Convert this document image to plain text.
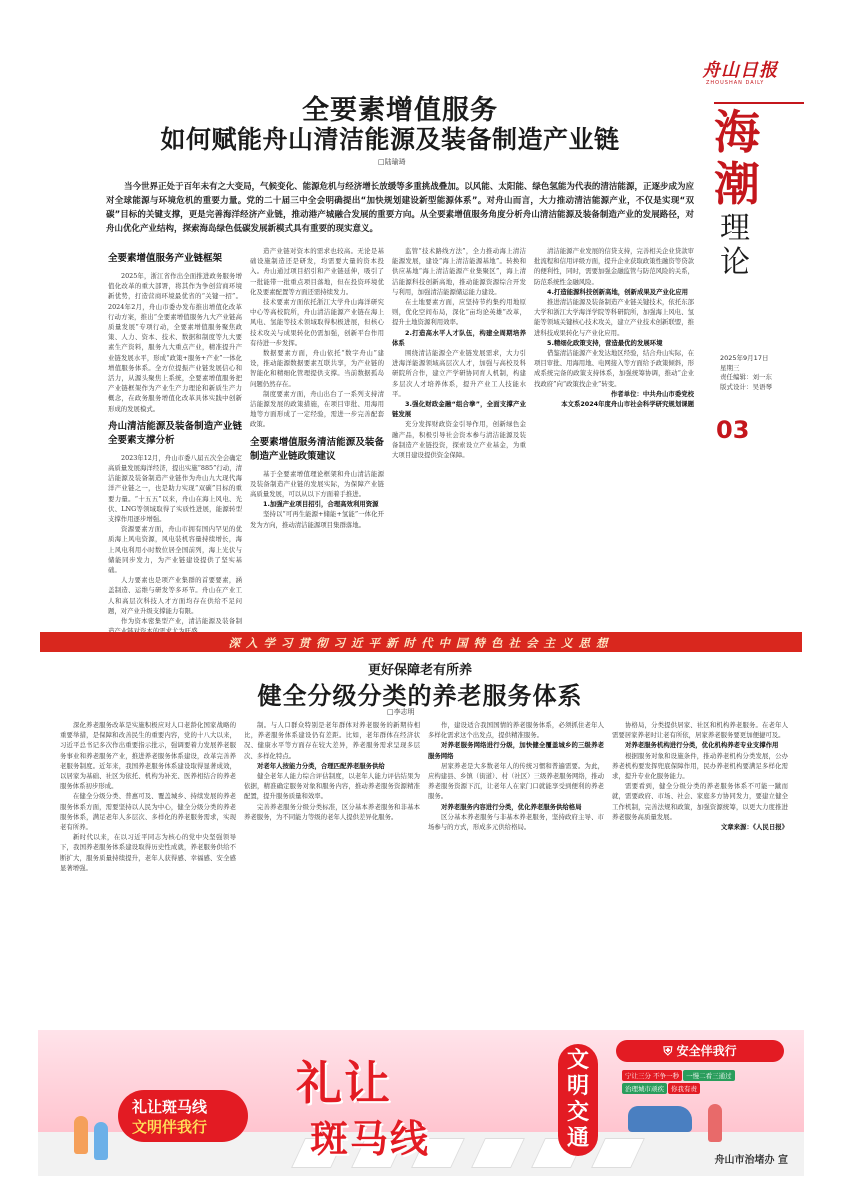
舟山日报
ZHOUSHAN DAILY
海潮
理论
2025年9月17日
星期三
责任编辑：刘一东
版式设计：吴语琴
03
全要素增值服务
如何赋能舟山清洁能源及装备制造产业链
□陆瑜琦
当今世界正处于百年未有之大变局，气候变化、能源危机与经济增长放缓等多重挑战叠加。以风能、太阳能、绿色氢能为代表的清洁能源，正逐步成为应对全球能源与环境危机的重要力量。党的二十届三中全会明确提出“加快规划建设新型能源体系”。对舟山而言，大力推动清洁能源产业，不仅是实现“双碳”目标的关键支撑，更是完善海洋经济产业链，推动港产城融合发展的重要方向。从全要素增值服务角度分析舟山清洁能源及装备制造产业的发展路径，对舟山优化产业结构，探索海岛绿色低碳发展新模式具有重要的现实意义。
全要素增值服务产业链框架

2025年，浙江省作出全面推进政务服务增值化改革的重大部署，将其作为争创营商环境新优势，打造营商环境最优省的“关键一招”。2024年2月，舟山市委办发布推出增值化改革行动方案，推出“全要素增值服务九大产业链高质量发展”专项行动，全要素增值服务聚焦政策、人力、资本、技术、数据和制度等九大要素生产资料，服务九大重点产业，精准提升产业链发展水平，形成“政策+服务+产业”一体化增值服务体系。全方位提振产业链发展信心和活力，从源头聚焦上系统，全要素增值服务把产业链框架作为产业生产力理论和新质生产力概念，在政务服务增值化改革具体实践中创新形成的发展模式。

舟山清洁能源及装备制造产业链全要素支撑分析

2023年12月，舟山市委八届五次全会确定高质量发展海洋经济，提出实施“885”行动，清洁能源及装备制造产业链作为舟山九大现代海洋产业链之一，也是助力实现“双碳”目标的重要力量。“十五五”以来，舟山在海上风电、光伏、LNG等领域取得了实质性进展，能源转型支撑作用逐步增强。

资源要素方面，舟山市拥有国内罕见的优质海上风电资源，风电装机容量持续增长，海上风电利用小时数位居全国前列，海上光伏与储能同步发力，为产业链建设提供了坚实基础。

人力要素也是项产业集群的首要要素，涵盖制造、运维与研发等多环节。舟山在产业工人和高层次科技人才方面均存在供给不足问题，对产业升级支撑能力有限。

作为资本密集型产业，清洁能源及装备制

造产业链对资本的需求也较高。无论是基础设施制造还是研发，均需要大量的资本投入。舟山通过项目招引和产业链延伸，吸引了一批能带一批重点项目落地，但在投资环境优化及要素配置等方面还需持续发力。

技术要素方面依托浙江大学舟山海洋研究中心等高校院所，舟山清洁能源产业链在海上风电、氢能等技术领域取得积极进展，但核心技术攻关与成果转化仍需加强，创新平台作用有待进一步发挥。

数据要素方面，舟山依托“数字舟山”建设，推动能源数据要素互联共享，为产业链的智能化和精细化管理提供支撑。当前数据孤岛问题仍然存在。

制度要素方面，舟山出台了一系列支持清洁能源发展的政策措施，在项目审批、用海用地等方面形成了一定经验，需进一步完善配套政策。

全要素增值服务清洁能源及装备制造产业链政策建议

基于全要素增值理论框架和舟山清洁能源及装备制造产业链的发展实际，为保障产业链高质量发展，可以从以下方面着手推进。

1.加强产业项目招引，合理高效利用资源

坚持以“可再生能源+储能+氢能”一体化开发为方向，推动清洁能源项目集群落地。

监管“技术路线方法”，全力推动海上清洁能源发展，建设“海上清洁能源基地”。转换和供应基地“海上清洁能源产业集聚区”，海上清洁能源科技创新高地，推动能源资源综合开发与利用，加强清洁能源储运能力建设。

在土地要素方面，应坚持节约集约用地原则，优化空间布局，深化“亩均论英雄”改革，提升土地资源利用效率。

2.打造高水平人才队伍，构建全周期培养体系

围绕清洁能源全产业链发展需求，大力引进海洋能源领域高层次人才，加强与高校及科研院所合作，建立产学研协同育人机制，构建多层次人才培养体系，提升产业工人技能水平。

3.强化财政金融“组合拳”，全面支撑产业链发展

充分发挥财政资金引导作用，创新绿色金融产品，积极引导社会资本参与清洁能源及装备制造产业链投资，探索设立产业基金，为重大项目建设提供资金保障。

清洁能源产业发展的信贷支持，完善相关企业贷款审批流程和信用评级方面，提升企业获取政策性融资等贷款的便利性，同时，需要加强金融监管与防范风险的关系，防范系统性金融风险。

4.打造能源科技创新高地，创新成果及产业化应用

推进清洁能源及装备制造产业链关键技术，依托东部大学和浙江大学海洋学院等科研院所，加强海上风电、氢能等领域关键核心技术攻关，建立产业技术创新联盟，推进科技成果转化与产业化应用。

5.精细化政策支持，营造最优的发展环境

借鉴清洁能源产业发达地区经验，结合舟山实际，在项目审批、用海用地、电网接入等方面给予政策倾斜，形成系统完备的政策支持体系，加强统筹协调，推动“企业找政府”向“政策找企业”转变。

作者单位：中共舟山市委党校

本文系2024年度舟山市社会科学研究规划课题

深入学习贯彻习近平新时代中国特色社会主义思想
更好保障老有所养
健全分级分类的养老服务体系
□李志明

深化养老服务改革是实施积极应对人口老龄化国家战略的重要举措，是保障和改善民生的重要内容，党的十八大以来，习近平总书记多次作出重要指示批示，强调要着力发展养老服务事业和养老服务产业，推进养老服务体系建设，改革完善养老服务制度。近年来，我国养老服务体系建设取得显著成效，以居家为基础、社区为依托、机构为补充、医养相结合的养老服务体系初步形成。

在健全分级分类、普惠可及、覆盖城乡、持续发展的养老服务体系方面，需要坚持以人民为中心，健全分级分类的养老服务体系，满足老年人多层次、多样化的养老服务需求，实现老有所养。

新时代以来，在以习近平同志为核心的党中央坚强领导下，我国养老服务体系建设取得历史性成就，养老服务供给不断扩大，服务质量持续提升，老年人获得感、幸福感、安全感显著增强。

制。与人口群众特别是老年群体对养老服务的新期待相比，养老服务体系建设仍有差距。比如，老年群体在经济状况、健康水平等方面存在较大差异，养老服务需求呈现多层次、多样化特点。

对老年人按能力分类，合理匹配养老服务供给

健全老年人能力综合评估制度，以老年人能力评估结果为依据，精准确定服务对象和服务内容，推动养老服务资源精准配置，提升服务质量和效率。

完善养老服务分级分类标准，区分基本养老服务和非基本养老服务，为不同能力等级的老年人提供差异化服务。

作，建设适合我国国情的养老服务体系，必须抓住老年人多样化需求这个出发点，提供精准服务。

对养老服务网络进行分级，加快健全覆盖城乡的三级养老服务网络

居家养老是大多数老年人的传统习惯和普遍需要。为此，应构建县、乡镇（街道）、村（社区）三级养老服务网络，推动养老服务资源下沉，让老年人在家门口就能享受到便利的养老服务。

对养老服务内容进行分类，优化养老服务供给格局

区分基本养老服务与非基本养老服务，坚持政府主导、市场参与的方式，形成多元供给格局。

协格局，分类提供居家、社区和机构养老服务。在老年人需要居家养老时让老有所依，居家养老服务要更加便捷可及。

对养老服务机构进行分类，优化机构养老专业支撑作用

根据服务对象和设施条件，推动养老机构分类发展，公办养老机构要发挥兜底保障作用，民办养老机构要满足多样化需求，提升专业化服务能力。

需要看到，健全分级分类的养老服务体系不可能一蹴而就，需要政府、市场、社会、家庭多方协同发力，要建立健全工作机制，完善法规和政策，加强资源统筹，以更大力度推进养老服务高质量发展。

文章来源：《人民日报》

礼让斑马线
文明伴我行
礼让
斑马线
文明交通
⛨ 安全伴我行
宁让三分 不争一秒 一慢二看三通过
治理城市顽疾 你我有责
舟山市治堵办 宣
